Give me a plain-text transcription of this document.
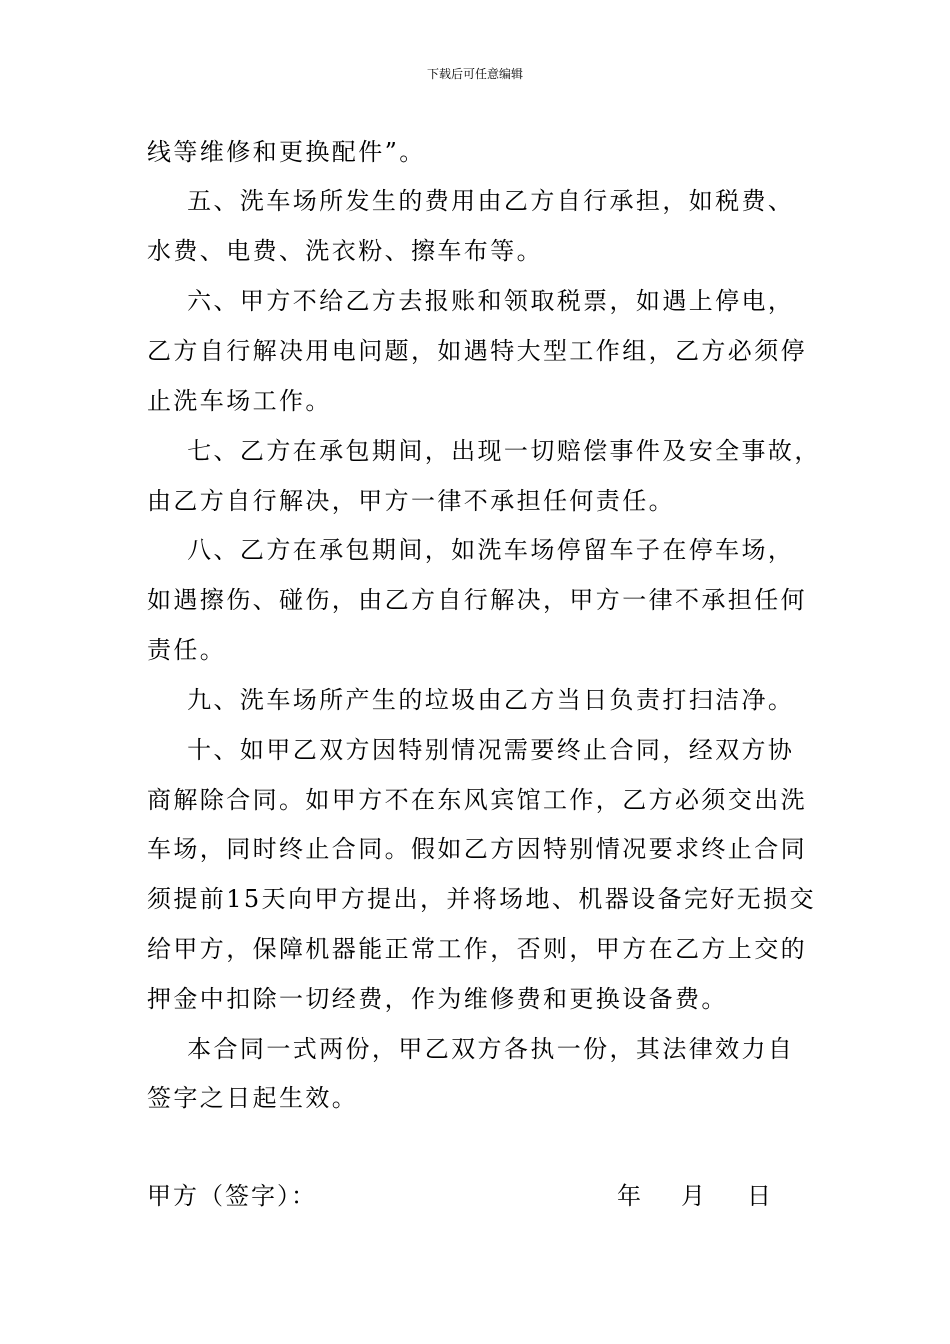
下载后可任意编辑
线等维修和更换配件”。
五、洗车场所发生的费用由乙方自行承担，如税费、
水费、电费、洗衣粉、擦车布等。
六、甲方不给乙方去报账和领取税票，如遇上停电，
乙方自行解决用电问题，如遇特大型工作组，乙方必须停
止洗车场工作。
七、乙方在承包期间，出现一切赔偿事件及安全事故，
由乙方自行解决，甲方一律不承担任何责任。
八、乙方在承包期间，如洗车场停留车子在停车场，
如遇擦伤、碰伤，由乙方自行解决，甲方一律不承担任何
责任。
九、洗车场所产生的垃圾由乙方当日负责打扫洁净。
十、如甲乙双方因特别情况需要终止合同，经双方协
商解除合同。如甲方不在东风宾馆工作，乙方必须交出洗
车场，同时终止合同。假如乙方因特别情况要求终止合同
须提前15天向甲方提出，并将场地、机器设备完好无损交
给甲方，保障机器能正常工作，否则，甲方在乙方上交的
押金中扣除一切经费，作为维修费和更换设备费。
本合同一式两份，甲乙双方各执一份，其法律效力自
签字之日起生效。
甲方（签字）：	年 月 日
